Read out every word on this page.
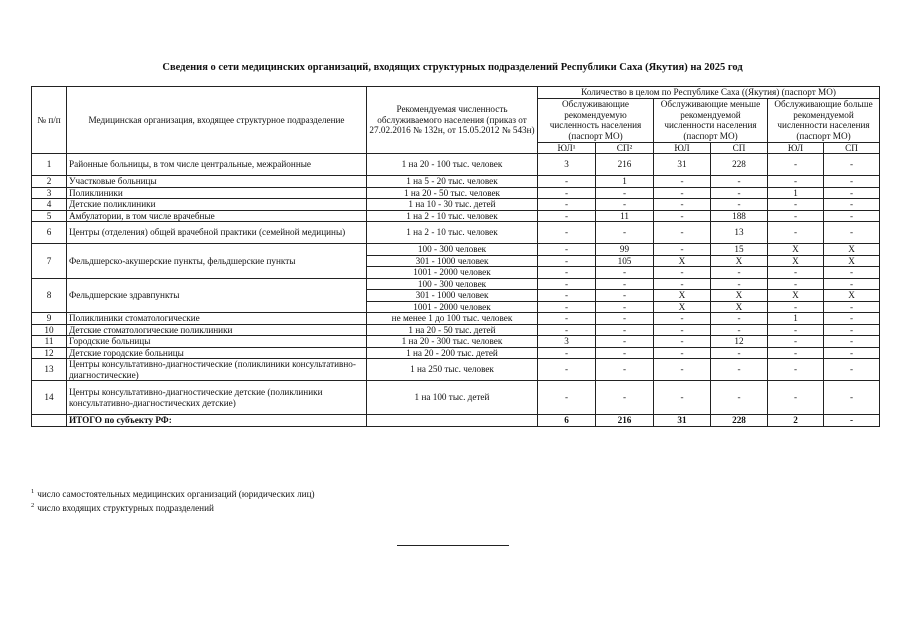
Сведения о сети медицинских организаций, входящих структурных подразделений Республики Саха (Якутия) на 2025 год
№ п/п	Медицинская организация, входящее структурное подразделение	Рекомендуемая численность обслуживаемого населения (приказ от 27.02.2016 № 132н, от 15.05.2012 № 543н)	Количество в целом по Республике Саха ((Якутия) (паспорт МО)					
			Обслуживающие рекомендуемую численность населения (паспорт МО)		Обслуживающие меньше рекомендуемой численности населения (паспорт МО)		Обслуживающие больше рекомендуемой численности населения (паспорт МО)	
			ЮЛ¹	СП²	ЮЛ	СП	ЮЛ	СП
1	Районные больницы, в том числе центральные, межрайонные	1 на 20 - 100 тыс. человек	3	216	31	228	-	-
2	Участковые больницы	1 на 5 - 20 тыс. человек	-	1	-	-	-	-
3	Поликлиники	1 на 20 - 50 тыс. человек	-	-	-	-	1	-
4	Детские поликлиники	1 на 10 - 30 тыс. детей	-	-	-	-	-	-
5	Амбулатории, в том числе врачебные	1 на 2 - 10 тыс. человек	-	11	-	188	-	-
6	Центры (отделения) общей врачебной практики (семейной медицины)	1 на 2 - 10 тыс. человек	-	-	-	13	-	-
7	Фельдшерско-акушерские пункты, фельдшерские пункты	100 - 300 человек	-	99	-	15	X	X
		301 - 1000 человек	-	105	X	X	X	X
		1001 - 2000 человек	-	-	-	-	-	-
8	Фельдшерские здравпункты	100 - 300 человек	-	-	-	-	-	-
		301 - 1000 человек	-	-	X	X	X	X
		1001 - 2000 человек	-	-	X	X	-	-
9	Поликлиники стоматологические	не менее 1 до 100 тыс. человек	-	-	-	-	1	-
10	Детские стоматологические поликлиники	1 на 20 - 50 тыс. детей	-	-	-	-	-	-
11	Городские больницы	1 на 20 - 300 тыс. человек	3	-	-	12	-	-
12	Детские городские больницы	1 на 20 - 200 тыс. детей	-	-	-	-	-	-
13	Центры консультативно-диагностические (поликлиники консультативно-диагностические)	1 на 250 тыс. человек	-	-	-	-	-	-
14	Центры консультативно-диагностические детские (поликлиники консультативно-диагностических детские)	1 на 100 тыс. детей	-	-	-	-	-	-
	ИТОГО по субъекту РФ:		6	216	31	228	2	-
$^1$ число самостоятельных медицинских организаций (юридических лиц)
$^2$ число входящих структурных подразделений
